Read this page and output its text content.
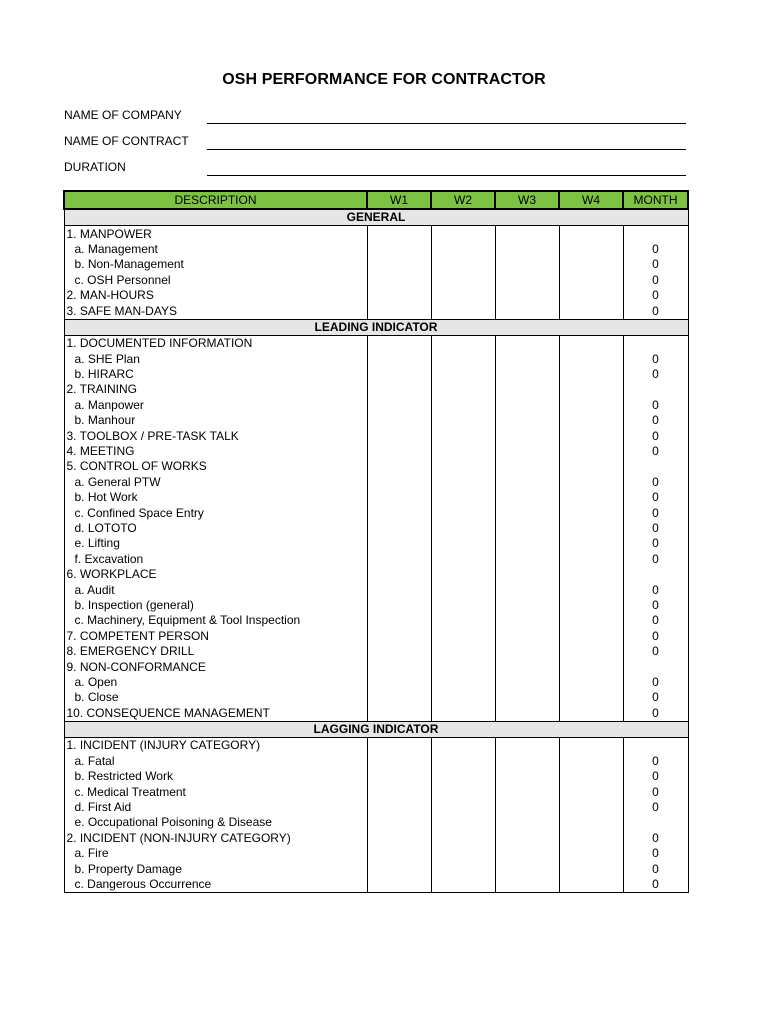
OSH PERFORMANCE FOR CONTRACTOR
NAME OF COMPANY
NAME OF CONTRACT
DURATION
DESCRIPTION	W1	W2	W3	W4	MONTH
GENERAL					
1. MANPOWER					
a. Management					0
b. Non-Management					0
c. OSH Personnel					0
2. MAN-HOURS					0
3. SAFE MAN-DAYS					0
LEADING INDICATOR					
1. DOCUMENTED INFORMATION					
a. SHE Plan					0
b. HIRARC					0
2. TRAINING					
a. Manpower					0
b. Manhour					0
3. TOOLBOX / PRE-TASK TALK					0
4. MEETING					0
5. CONTROL OF WORKS					
a. General PTW					0
b. Hot Work					0
c. Confined Space Entry					0
d. LOTOTO					0
e. Lifting					0
f. Excavation					0
6. WORKPLACE					
a. Audit					0
b. Inspection (general)					0
c. Machinery, Equipment & Tool Inspection					0
7. COMPETENT PERSON					0
8. EMERGENCY DRILL					0
9. NON-CONFORMANCE					
a. Open					0
b. Close					0
10. CONSEQUENCE MANAGEMENT					0
LAGGING INDICATOR					
1. INCIDENT (INJURY CATEGORY)					
a. Fatal					0
b. Restricted Work					0
c. Medical Treatment					0
d. First Aid					0
e. Occupational Poisoning & Disease					
2. INCIDENT (NON-INJURY CATEGORY)					0
a. Fire					0
b. Property Damage					0
c. Dangerous Occurrence					0
